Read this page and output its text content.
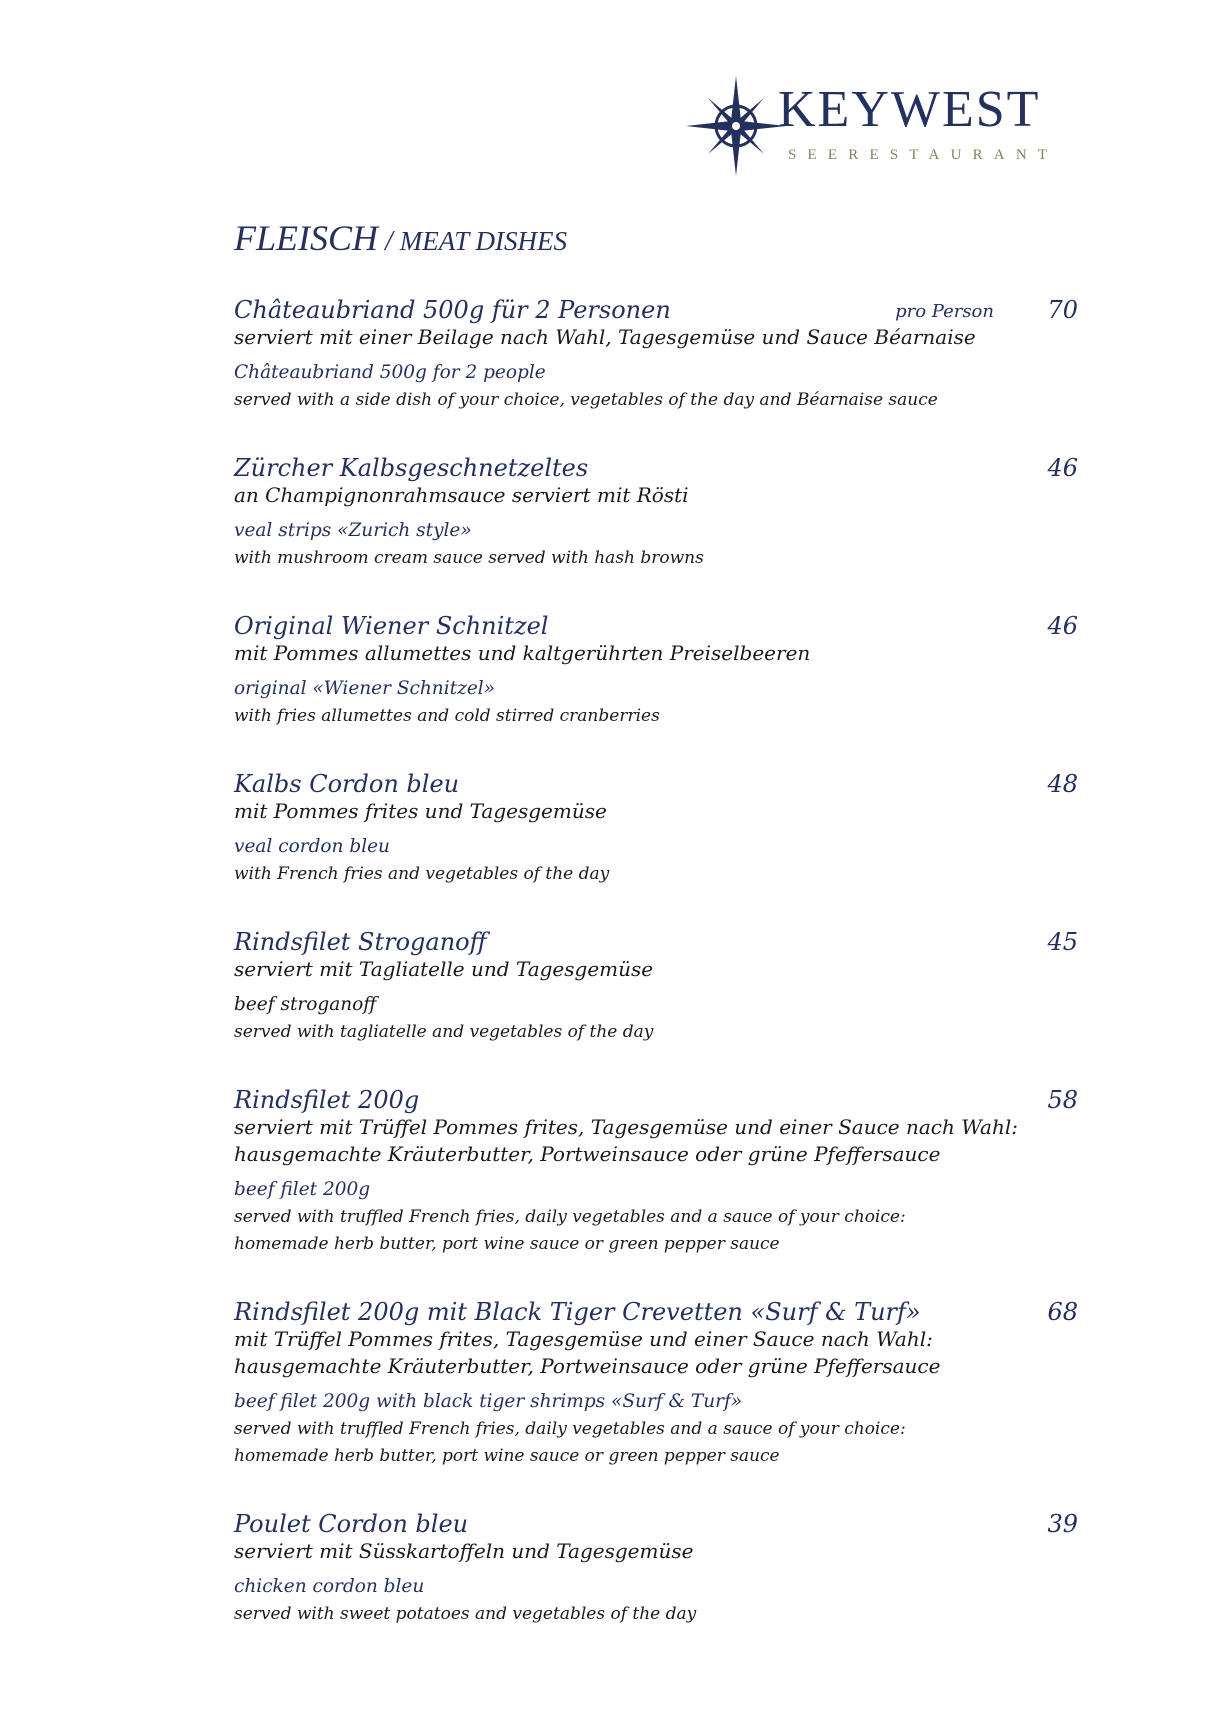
KEYWEST
SEERESTAURANT
FLEISCH / MEAT DISHES
Châteaubriand 500g für 2 Personen	pro Person 70
serviert mit einer Beilage nach Wahl, Tagesgemüse und Sauce Béarnaise
Châteaubriand 500g for 2 people
served with a side dish of your choice, vegetables of the day and Béarnaise sauce
Zürcher Kalbsgeschnetzeltes	46
an Champignonrahmsauce serviert mit Rösti
veal strips «Zurich style»
with mushroom cream sauce served with hash browns
Original Wiener Schnitzel	46
mit Pommes allumettes und kaltgerührten Preiselbeeren
original «Wiener Schnitzel»
with fries allumettes and cold stirred cranberries
Kalbs Cordon bleu	48
mit Pommes frites und Tagesgemüse
veal cordon bleu
with French fries and vegetables of the day
Rindsfilet Stroganoff	45
serviert mit Tagliatelle und Tagesgemüse
beef stroganoff
served with tagliatelle and vegetables of the day
Rindsfilet 200g	58
serviert mit Trüffel Pommes frites, Tagesgemüse und einer Sauce nach Wahl:
hausgemachte Kräuterbutter, Portweinsauce oder grüne Pfeffersauce
beef filet 200g
served with truffled French fries, daily vegetables and a sauce of your choice:
homemade herb butter, port wine sauce or green pepper sauce
Rindsfilet 200g mit Black Tiger Crevetten «Surf & Turf»	68
mit Trüffel Pommes frites, Tagesgemüse und einer Sauce nach Wahl:
hausgemachte Kräuterbutter, Portweinsauce oder grüne Pfeffersauce
beef filet 200g with black tiger shrimps «Surf & Turf»
served with truffled French fries, daily vegetables and a sauce of your choice:
homemade herb butter, port wine sauce or green pepper sauce
Poulet Cordon bleu	39
serviert mit Süsskartoffeln und Tagesgemüse
chicken cordon bleu
served with sweet potatoes and vegetables of the day
